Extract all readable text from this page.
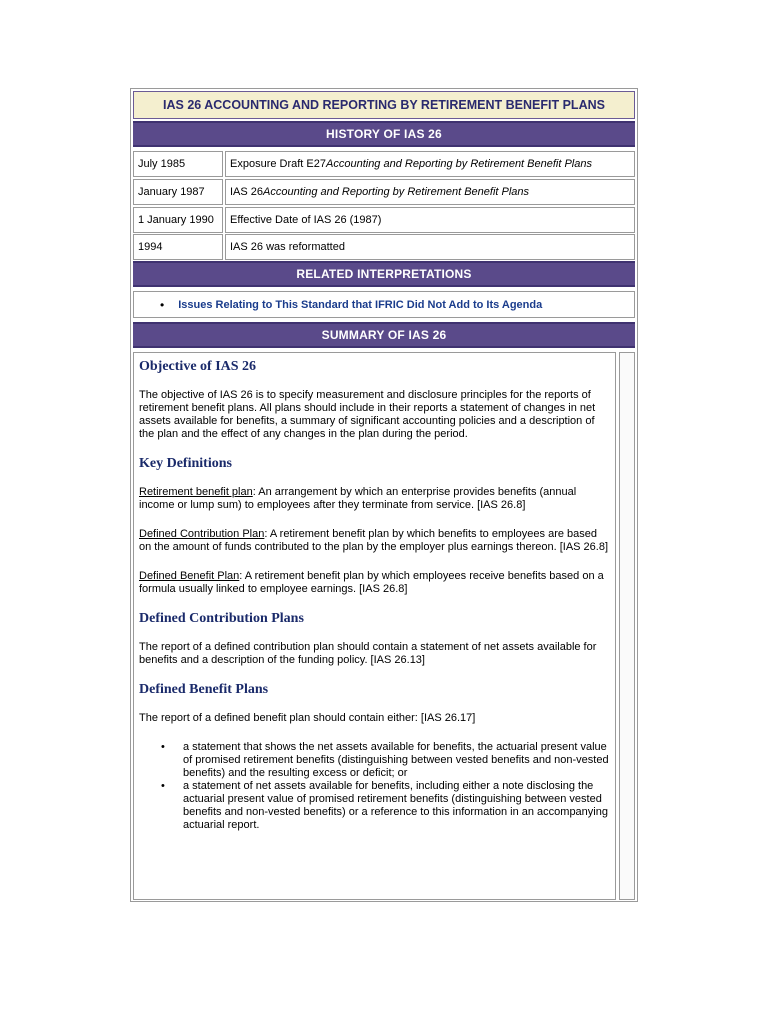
IAS 26 ACCOUNTING AND REPORTING BY RETIREMENT BENEFIT PLANS
HISTORY OF IAS 26
July 1985	Exposure Draft E27 Accounting and Reporting by Retirement Benefit Plans
January 1987	IAS 26 Accounting and Reporting by Retirement Benefit Plans
1 January 1990	Effective Date of IAS 26 (1987)
1994	IAS 26 was reformatted
RELATED INTERPRETATIONS
• Issues Relating to This Standard that IFRIC Did Not Add to Its Agenda
SUMMARY OF IAS 26
Objective of IAS 26

The objective of IAS 26 is to specify measurement and disclosure principles for the reports of retirement benefit plans. All plans should include in their reports a statement of changes in net assets available for benefits, a summary of significant accounting policies and a description of the plan and the effect of any changes in the plan during the period.

Key Definitions

Retirement benefit plan: An arrangement by which an enterprise provides benefits (annual income or lump sum) to employees after they terminate from service. [IAS 26.8]

Defined Contribution Plan: A retirement benefit plan by which benefits to employees are based on the amount of funds contributed to the plan by the employer plus earnings thereon. [IAS 26.8]

Defined Benefit Plan: A retirement benefit plan by which employees receive benefits based on a formula usually linked to employee earnings. [IAS 26.8]

Defined Contribution Plans

The report of a defined contribution plan should contain a statement of net assets available for benefits and a description of the funding policy. [IAS 26.13]

Defined Benefit Plans

The report of a defined benefit plan should contain either: [IAS 26.17]

• a statement that shows the net assets available for benefits, the actuarial present value of promised retirement benefits (distinguishing between vested benefits and non-vested benefits) and the resulting excess or deficit; or
• a statement of net assets available for benefits, including either a note disclosing the actuarial present value of promised retirement benefits (distinguishing between vested benefits and non-vested benefits) or a reference to this information in an accompanying actuarial report.
